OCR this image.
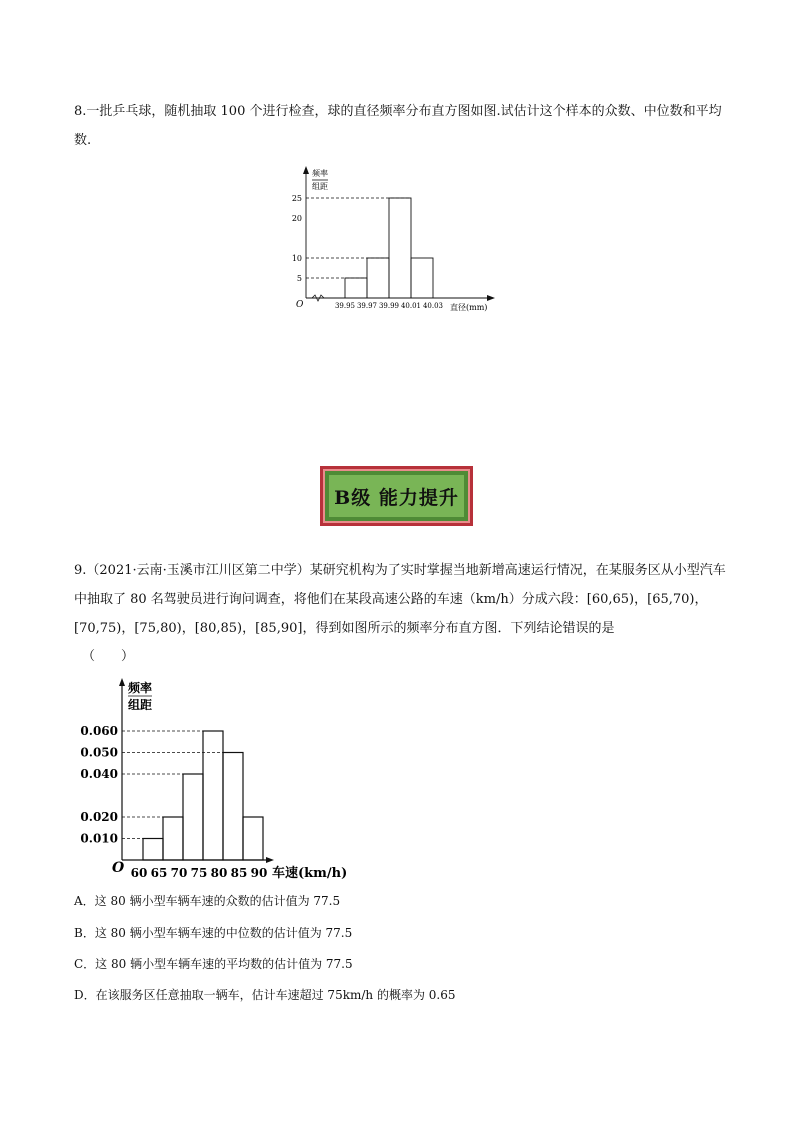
8.一批乒乓球，随机抽取 100 个进行检查，球的直径频率分布直方图如图.试估计这个样本的众数、中位数和平均数.
5
10
20
25
39.95 39.97 39.99 40.01 40.03
O
频率
组距
直径(mm)
B级 能力提升
9.（2021·云南·玉溪市江川区第二中学）某研究机构为了实时掌握当地新增高速运行情况，在某服务区从小型汽车中抽取了 80 名驾驶员进行询问调查，将他们在某段高速公路的车速（km/h）分成六段：[60,65)，[65,70)，[70,75)，[75,80)，[80,85)，[85,90]，得到如图所示的频率分布直方图．下列结论错误的是
（　　）
0.010
0.020
0.040
0.050
0.060
60 65 70 75 80 85 90
O
频率
组距
车速(km/h)
A．这 80 辆小型车辆车速的众数的估计值为 77.5
B．这 80 辆小型车辆车速的中位数的估计值为 77.5
C．这 80 辆小型车辆车速的平均数的估计值为 77.5
D．在该服务区任意抽取一辆车，估计车速超过 75km/h 的概率为 0.65
